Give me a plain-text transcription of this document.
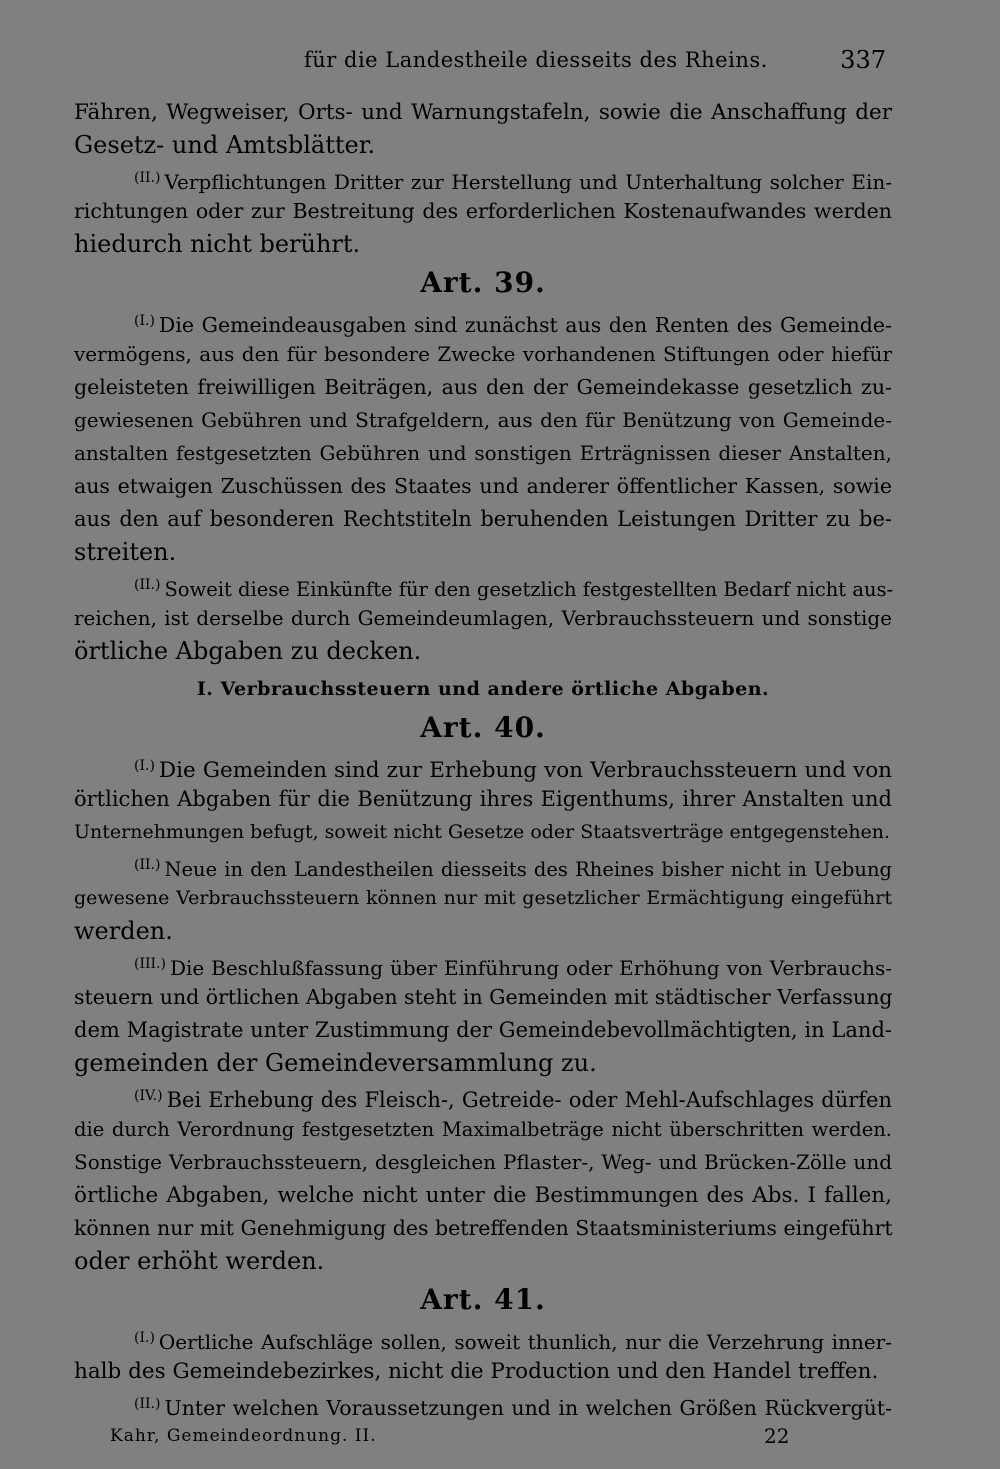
für die Landestheile diesseits des Rheins.	337
Fähren, Wegweiser, Orts- und Warnungstafeln, sowie die Anschaffung der
Gesetz- und Amtsblätter.
$^{(II.)}$ Verpflichtungen Dritter zur Herstellung und Unterhaltung solcher Ein-
richtungen oder zur Bestreitung des erforderlichen Kostenaufwandes werden
hiedurch nicht berührt.
Art. 39.
$^{(I.)}$ Die Gemeindeausgaben sind zunächst aus den Renten des Gemeinde-
vermögens, aus den für besondere Zwecke vorhandenen Stiftungen oder hiefür
geleisteten freiwilligen Beiträgen, aus den der Gemeindekasse gesetzlich zu-
gewiesenen Gebühren und Strafgeldern, aus den für Benützung von Gemeinde-
anstalten festgesetzten Gebühren und sonstigen Erträgnissen dieser Anstalten,
aus etwaigen Zuschüssen des Staates und anderer öffentlicher Kassen, sowie
aus den auf besonderen Rechtstiteln beruhenden Leistungen Dritter zu be-
streiten.
$^{(II.)}$ Soweit diese Einkünfte für den gesetzlich festgestellten Bedarf nicht aus-
reichen, ist derselbe durch Gemeindeumlagen, Verbrauchssteuern und sonstige
örtliche Abgaben zu decken.
I. Verbrauchssteuern und andere örtliche Abgaben.
Art. 40.
$^{(I.)}$ Die Gemeinden sind zur Erhebung von Verbrauchssteuern und von
örtlichen Abgaben für die Benützung ihres Eigenthums, ihrer Anstalten und
Unternehmungen befugt, soweit nicht Gesetze oder Staatsverträge entgegenstehen.
$^{(II.)}$ Neue in den Landestheilen diesseits des Rheines bisher nicht in Uebung
gewesene Verbrauchssteuern können nur mit gesetzlicher Ermächtigung eingeführt
werden.
$^{(III.)}$ Die Beschlußfassung über Einführung oder Erhöhung von Verbrauchs-
steuern und örtlichen Abgaben steht in Gemeinden mit städtischer Verfassung
dem Magistrate unter Zustimmung der Gemeindebevollmächtigten, in Land-
gemeinden der Gemeindeversammlung zu.
$^{(IV.)}$ Bei Erhebung des Fleisch-, Getreide- oder Mehl-Aufschlages dürfen
die durch Verordnung festgesetzten Maximalbeträge nicht überschritten werden.
Sonstige Verbrauchssteuern, desgleichen Pflaster-, Weg- und Brücken-Zölle und
örtliche Abgaben, welche nicht unter die Bestimmungen des Abs. I fallen,
können nur mit Genehmigung des betreffenden Staatsministeriums eingeführt
oder erhöht werden.
Art. 41.
$^{(I.)}$ Oertliche Aufschläge sollen, soweit thunlich, nur die Verzehrung inner-
halb des Gemeindebezirkes, nicht die Production und den Handel treffen.
$^{(II.)}$ Unter welchen Voraussetzungen und in welchen Größen Rückvergüt-
Kahr, Gemeindeordnung. II.	22
